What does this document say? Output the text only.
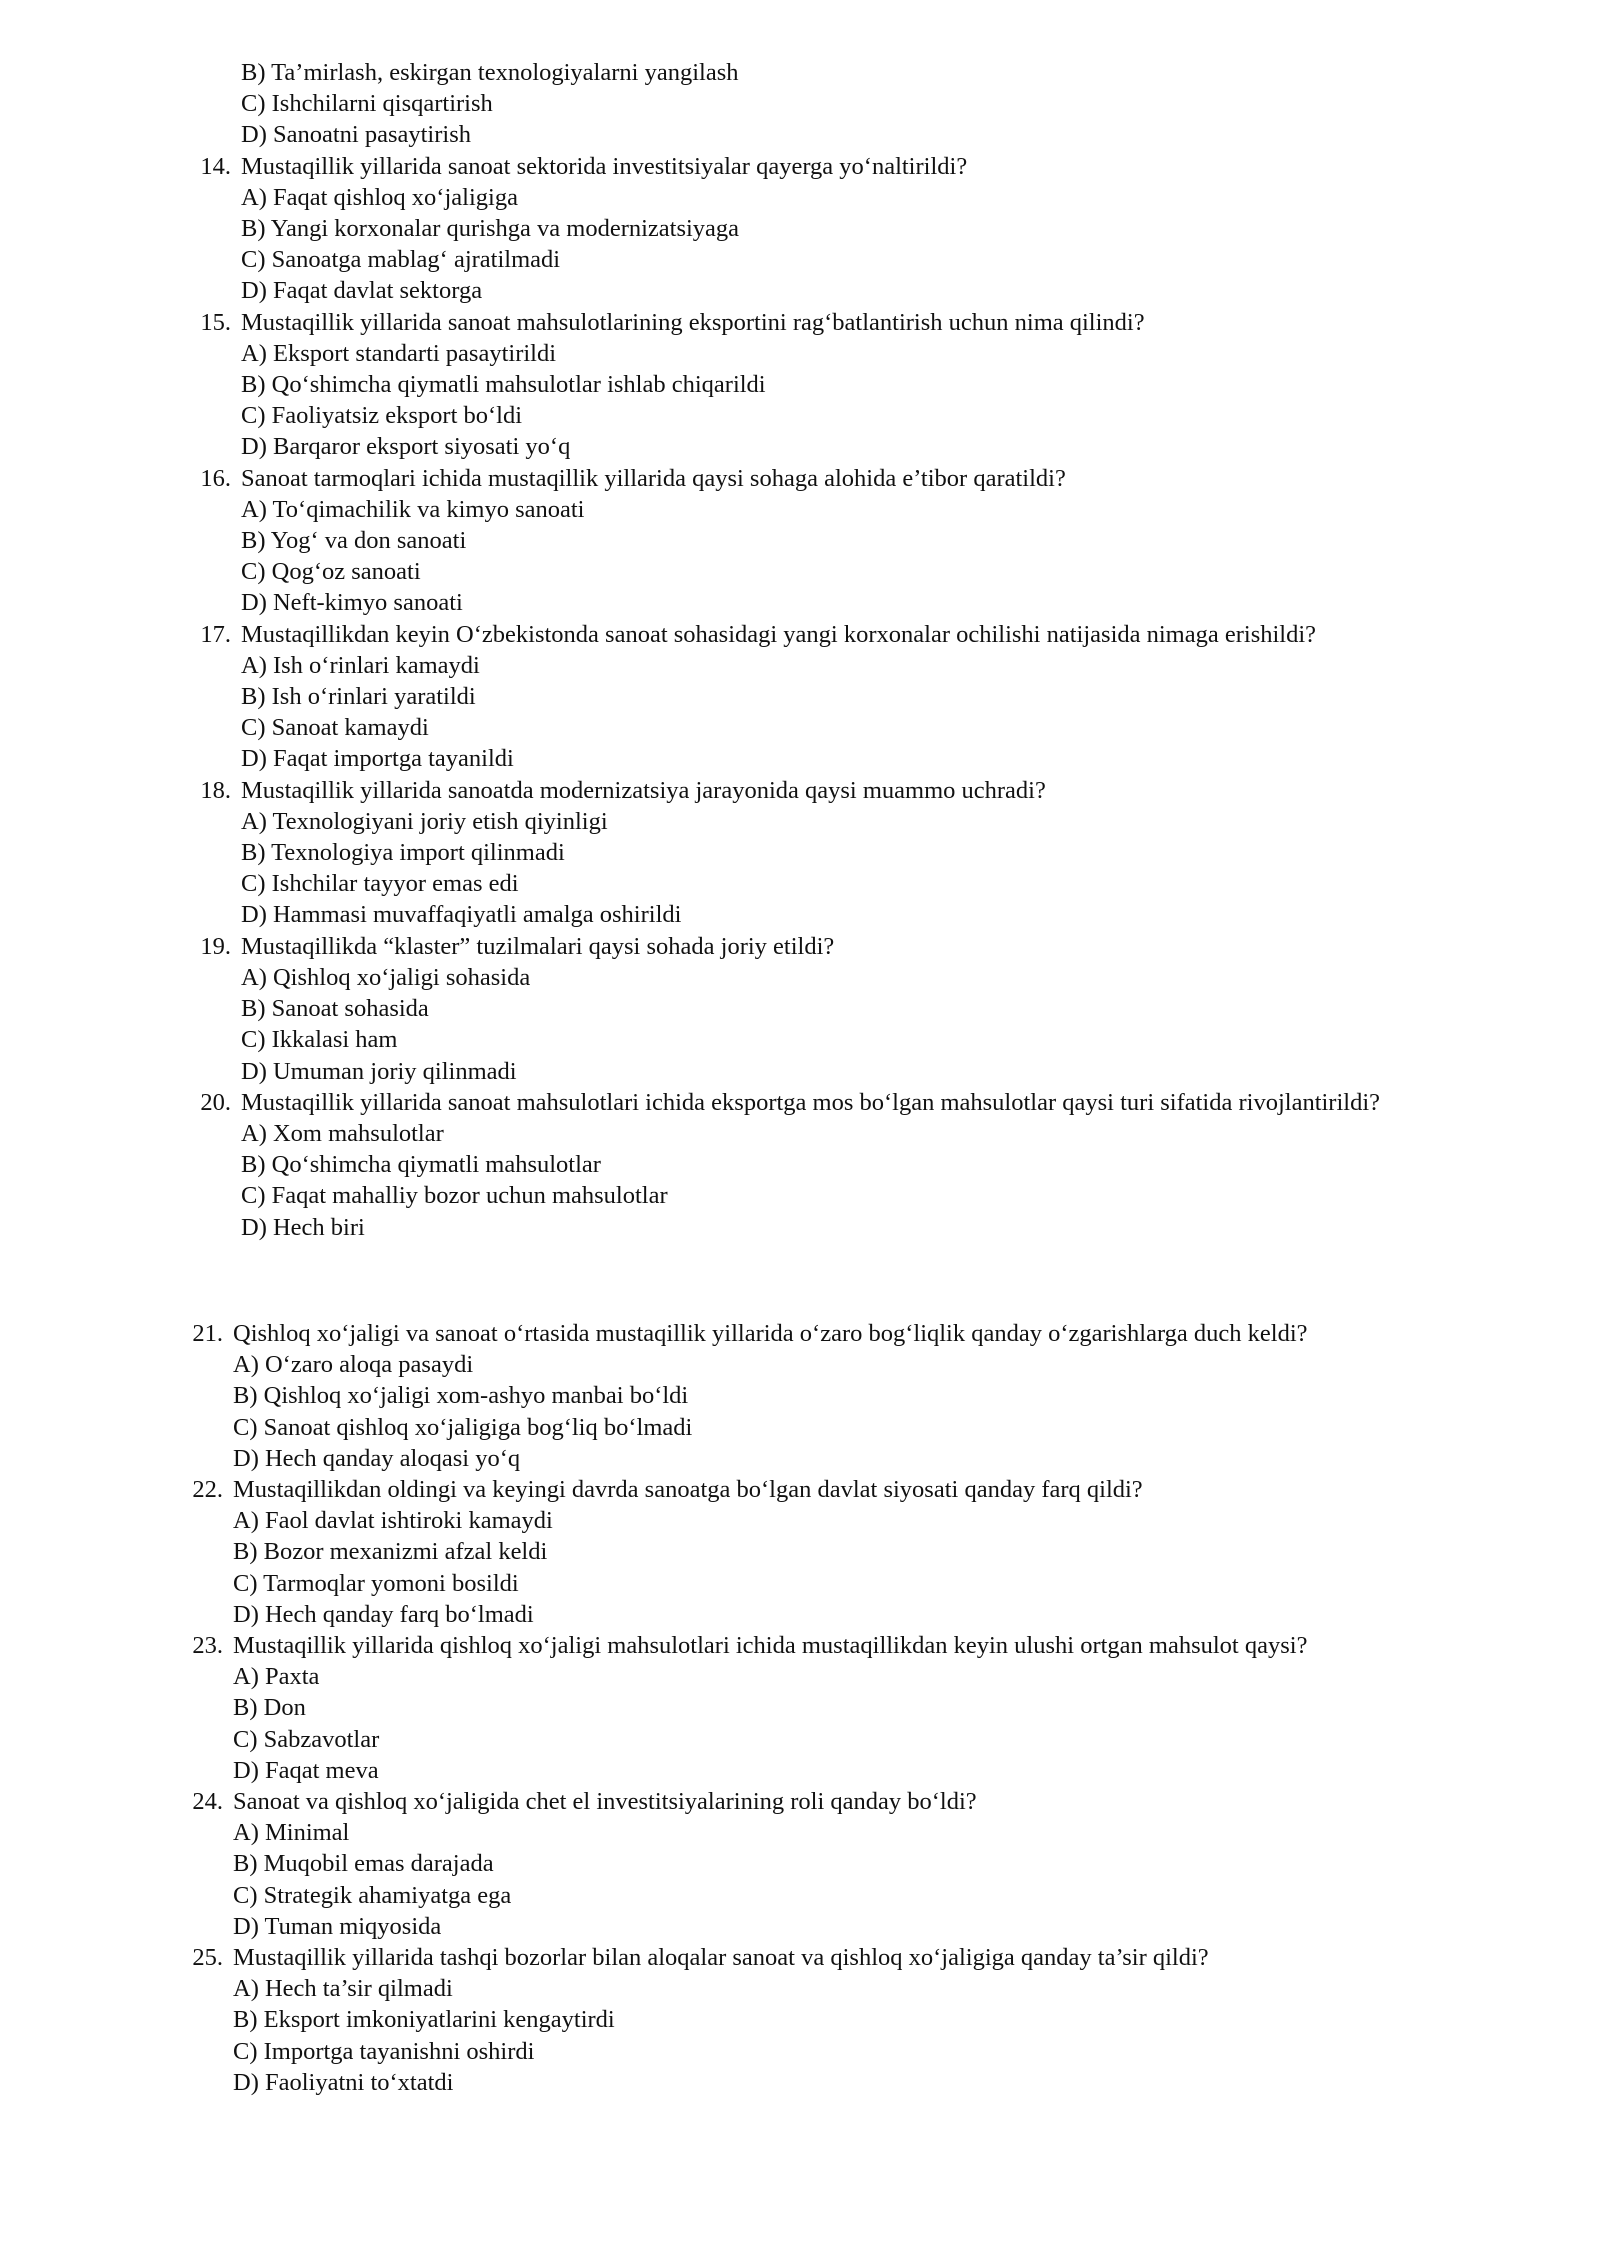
B) Ta’mirlash, eskirgan texnologiyalarni yangilash
C) Ishchilarni qisqartirish
D) Sanoatni pasaytirish
14. Mustaqillik yillarida sanoat sektorida investitsiyalar qayerga yo‘naltirildi?
A) Faqat qishloq xo‘jaligiga
B) Yangi korxonalar qurishga va modernizatsiyaga
C) Sanoatga mablag‘ ajratilmadi
D) Faqat davlat sektorga
15. Mustaqillik yillarida sanoat mahsulotlarining eksportini rag‘batlantirish uchun nima qilindi?
A) Eksport standarti pasaytirildi
B) Qo‘shimcha qiymatli mahsulotlar ishlab chiqarildi
C) Faoliyatsiz eksport bo‘ldi
D) Barqaror eksport siyosati yo‘q
16. Sanoat tarmoqlari ichida mustaqillik yillarida qaysi sohaga alohida e’tibor qaratildi?
A) To‘qimachilik va kimyo sanoati
B) Yog‘ va don sanoati
C) Qog‘oz sanoati
D) Neft-kimyo sanoati
17. Mustaqillikdan keyin O‘zbekistonda sanoat sohasidagi yangi korxonalar ochilishi natijasida nimaga erishildi?
A) Ish o‘rinlari kamaydi
B) Ish o‘rinlari yaratildi
C) Sanoat kamaydi
D) Faqat importga tayanildi
18. Mustaqillik yillarida sanoatda modernizatsiya jarayonida qaysi muammo uchradi?
A) Texnologiyani joriy etish qiyinligi
B) Texnologiya import qilinmadi
C) Ishchilar tayyor emas edi
D) Hammasi muvaffaqiyatli amalga oshirildi
19. Mustaqillikda “klaster” tuzilmalari qaysi sohada joriy etildi?
A) Qishloq xo‘jaligi sohasida
B) Sanoat sohasida
C) Ikkalasi ham
D) Umuman joriy qilinmadi
20. Mustaqillik yillarida sanoat mahsulotlari ichida eksportga mos bo‘lgan mahsulotlar qaysi turi sifatida rivojlantirildi?
A) Xom mahsulotlar
B) Qo‘shimcha qiymatli mahsulotlar
C) Faqat mahalliy bozor uchun mahsulotlar
D) Hech biri
21. Qishloq xo‘jaligi va sanoat o‘rtasida mustaqillik yillarida o‘zaro bog‘liqlik qanday o‘zgarishlarga duch keldi?
A) O‘zaro aloqa pasaydi
B) Qishloq xo‘jaligi xom-ashyo manbai bo‘ldi
C) Sanoat qishloq xo‘jaligiga bog‘liq bo‘lmadi
D) Hech qanday aloqasi yo‘q
22. Mustaqillikdan oldingi va keyingi davrda sanoatga bo‘lgan davlat siyosati qanday farq qildi?
A) Faol davlat ishtiroki kamaydi
B) Bozor mexanizmi afzal keldi
C) Tarmoqlar yomoni bosildi
D) Hech qanday farq bo‘lmadi
23. Mustaqillik yillarida qishloq xo‘jaligi mahsulotlari ichida mustaqillikdan keyin ulushi ortgan mahsulot qaysi?
A) Paxta
B) Don
C) Sabzavotlar
D) Faqat meva
24. Sanoat va qishloq xo‘jaligida chet el investitsiyalarining roli qanday bo‘ldi?
A) Minimal
B) Muqobil emas darajada
C) Strategik ahamiyatga ega
D) Tuman miqyosida
25. Mustaqillik yillarida tashqi bozorlar bilan aloqalar sanoat va qishloq xo‘jaligiga qanday ta’sir qildi?
A) Hech ta’sir qilmadi
B) Eksport imkoniyatlarini kengaytirdi
C) Importga tayanishni oshirdi
D) Faoliyatni to‘xtatdi
